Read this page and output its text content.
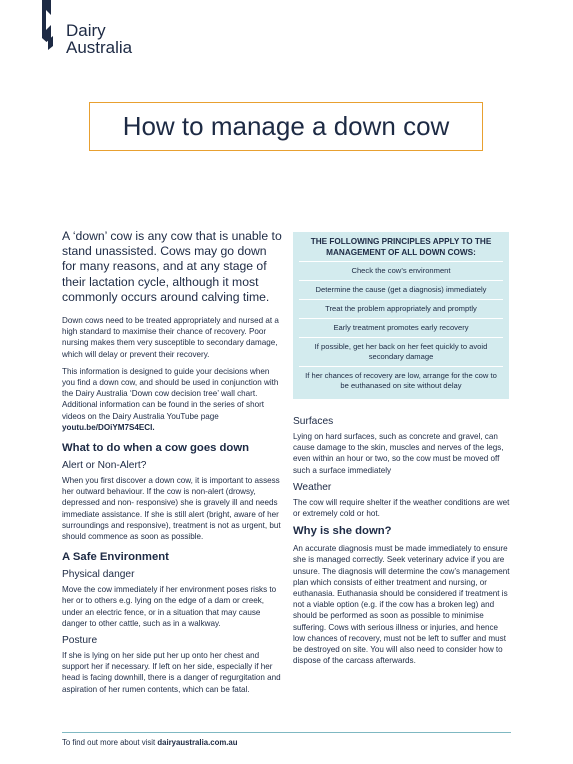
Dairy
Australia
How to manage a down cow

A ‘down’ cow is any cow that is unable to stand unassisted. Cows may go down for many reasons, and at any stage of their lactation cycle, although it most commonly occurs around calving time.

Down cows need to be treated appropriately and nursed at a high standard to maximise their chance of recovery. Poor nursing makes them very susceptible to secondary damage, which will delay or prevent their recovery.

This information is designed to guide your decisions when you find a down cow, and should be used in conjunction with the Dairy Australia ‘Down cow decision tree’ wall chart. Additional information can be found in the series of short videos on the Dairy Australia YouTube page youtu.be/DOiYM7S4ECI.

What to do when a cow goes down
Alert or Non-Alert?

When you first discover a down cow, it is important to assess her outward behaviour. If the cow is non-alert (drowsy, depressed and non- responsive) she is gravely ill and needs immediate assistance. If she is still alert (bright, aware of her surroundings and responsive), treatment is not as urgent, but should commence as soon as possible.

A Safe Environment
Physical danger

Move the cow immediately if her environment poses risks to her or to others e.g. lying on the edge of a dam or creek, under an electric fence, or in a situation that may cause danger to other cattle, such as in a walkway.

Posture

If she is lying on her side put her up onto her chest and support her if necessary. If left on her side, especially if her head is facing downhill, there is a danger of regurgitation and aspiration of her rumen contents, which can be fatal.

THE FOLLOWING PRINCIPLES APPLY TO THE MANAGEMENT OF ALL DOWN COWS:
Check the cow’s environment
Determine the cause (get a diagnosis) immediately
Treat the problem appropriately and promptly
Early treatment promotes early recovery
If possible, get her back on her feet quickly to avoid secondary damage
If her chances of recovery are low, arrange for the cow to be euthanased on site without delay
Surfaces

Lying on hard surfaces, such as concrete and gravel, can cause damage to the skin, muscles and nerves of the legs, even within an hour or two, so the cow must be moved off such a surface immediately

Weather

The cow will require shelter if the weather conditions are wet or extremely cold or hot.

Why is she down?

An accurate diagnosis must be made immediately to ensure she is managed correctly. Seek veterinary advice if you are unsure. The diagnosis will determine the cow’s management plan which consists of either treatment and nursing, or euthanasia. Euthanasia should be considered if treatment is not a viable option (e.g. if the cow has a broken leg) and should be performed as soon as possible to minimise suffering. Cows with serious illness or injuries, and hence low chances of recovery, must not be left to suffer and must be destroyed on site. You will also need to consider how to dispose of the carcass afterwards.

To find out more about visit dairyaustralia.com.au
